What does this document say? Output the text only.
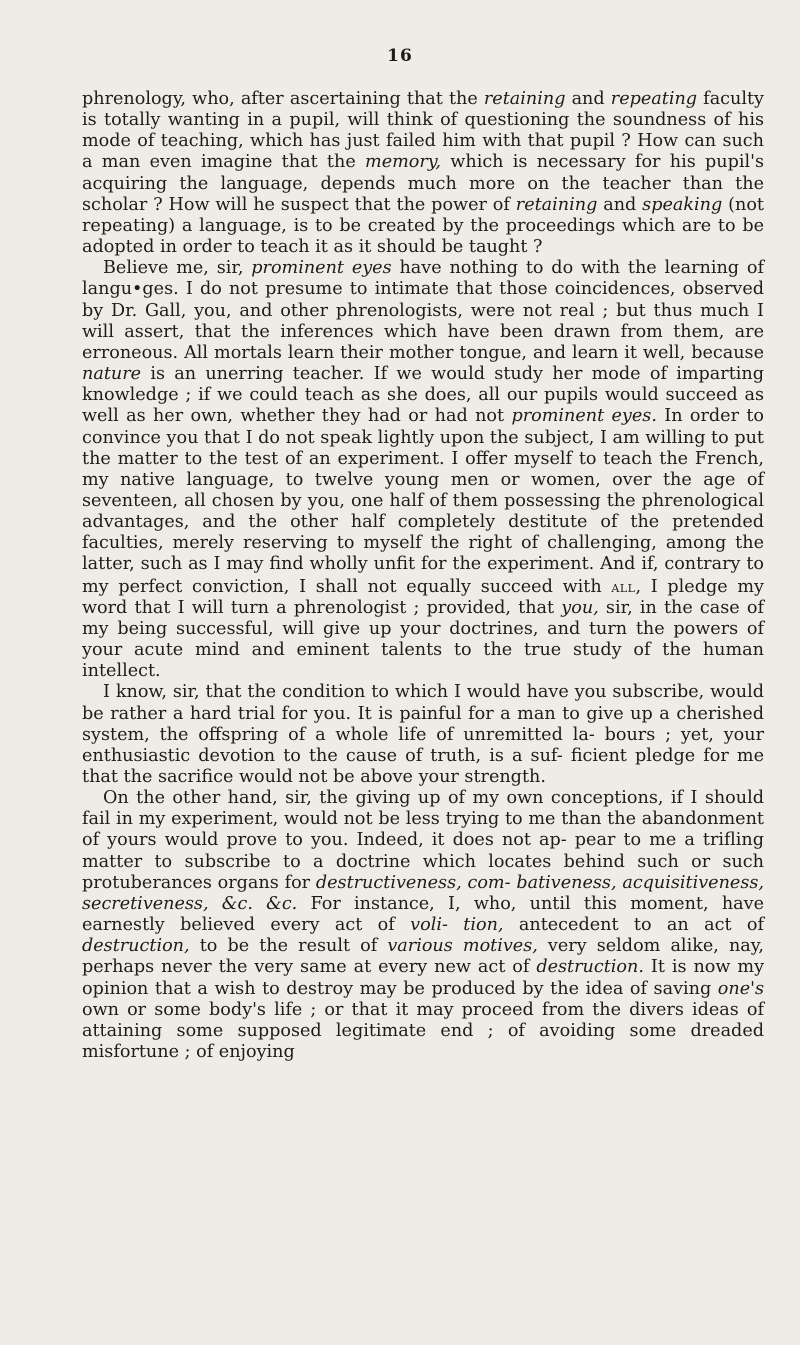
16

phrenology, who, after ascertaining that the retaining and repeating faculty is totally wanting in a pupil, will think of questioning the soundness of his mode of teaching, which has just failed him with that pupil ? How can such a man even imagine that the memory, which is necessary for his pupil's acquiring the language, depends much more on the teacher than the scholar ? How will he suspect that the power of retaining and speaking (not repeating) a language, is to be created by the proceedings which are to be adopted in order to teach it as it should be taught ?

Believe me, sir, prominent eyes have nothing to do with the learning of langu•ges. I do not presume to intimate that those coincidences, observed by Dr. Gall, you, and other phrenologists, were not real ; but thus much I will assert, that the inferences which have been drawn from them, are erroneous. All mortals learn their mother tongue, and learn it well, because nature is an unerring teacher. If we would study her mode of imparting knowledge ; if we could teach as she does, all our pupils would succeed as well as her own, whether they had or had not prominent eyes. In order to convince you that I do not speak lightly upon the subject, I am willing to put the matter to the test of an experiment. I offer myself to teach the French, my native language, to twelve young men or women, over the age of seventeen, all chosen by you, one half of them possessing the phrenological advantages, and the other half completely destitute of the pretended faculties, merely reserving to myself the right of challenging, among the latter, such as I may find wholly unfit for the experiment. And if, contrary to my perfect conviction, I shall not equally succeed with all, I pledge my word that I will turn a phrenologist ; provided, that you, sir, in the case of my being successful, will give up your doctrines, and turn the powers of your acute mind and eminent talents to the true study of the human intellect.

I know, sir, that the condition to which I would have you subscribe, would be rather a hard trial for you. It is painful for a man to give up a cherished system, the offspring of a whole life of unremitted la- bours ; yet, your enthusiastic devotion to the cause of truth, is a suf- ficient pledge for me that the sacrifice would not be above your strength.

On the other hand, sir, the giving up of my own conceptions, if I should fail in my experiment, would not be less trying to me than the abandonment of yours would prove to you. Indeed, it does not ap- pear to me a trifling matter to subscribe to a doctrine which locates behind such or such protuberances organs for destructiveness, com- bativeness, acquisitiveness, secretiveness, &c. &c. For instance, I, who, until this moment, have earnestly believed every act of voli- tion, antecedent to an act of destruction, to be the result of various motives, very seldom alike, nay, perhaps never the very same at every new act of destruction. It is now my opinion that a wish to destroy may be produced by the idea of saving one's own or some body's life ; or that it may proceed from the divers ideas of attaining some supposed legitimate end ; of avoiding some dreaded misfortune ; of enjoying
